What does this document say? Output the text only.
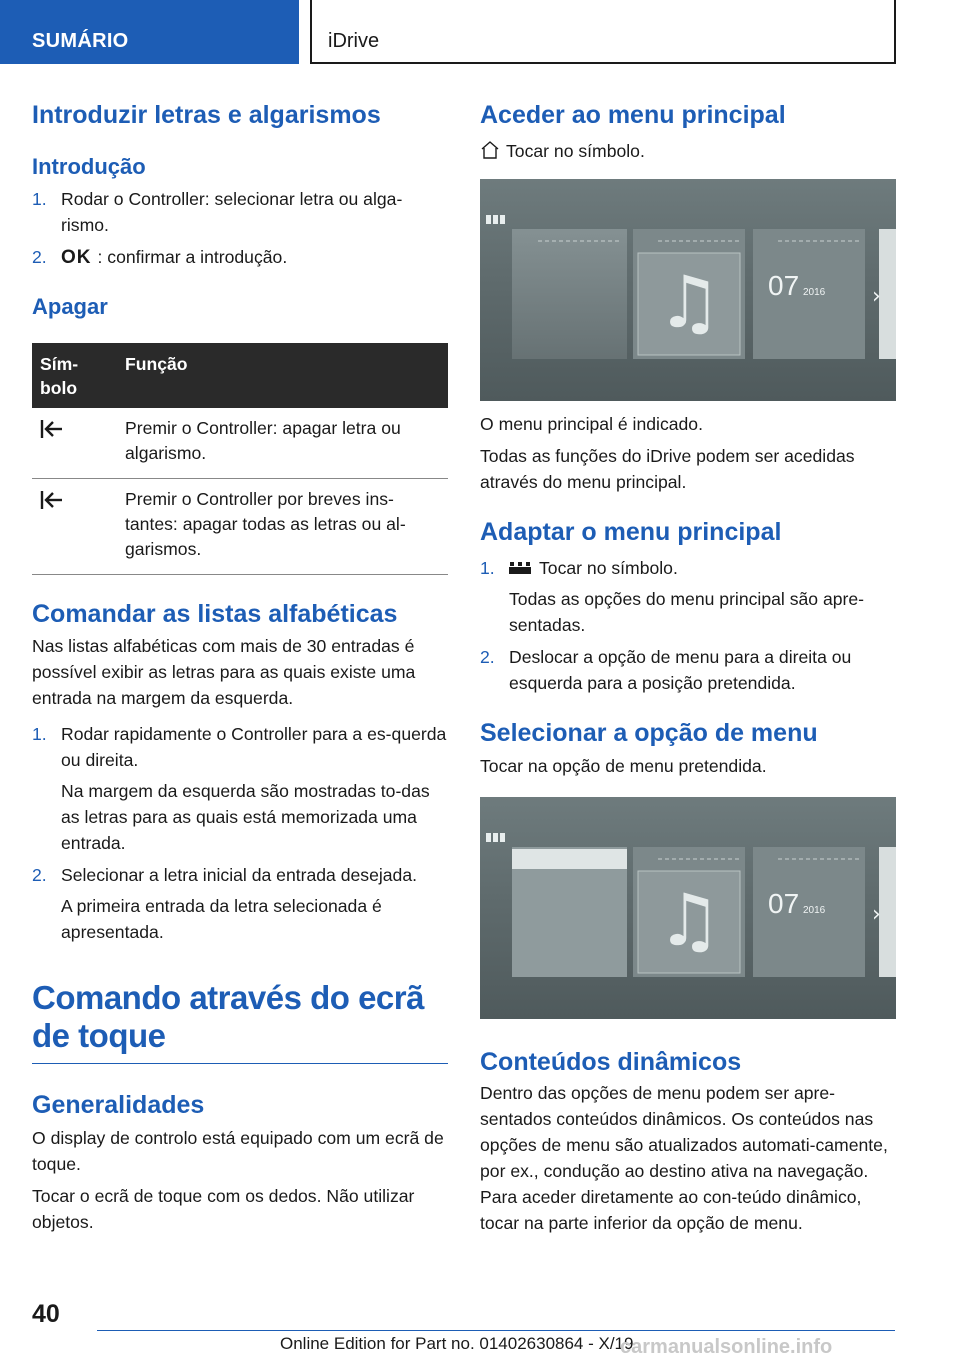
SUMÁRIO	iDrive
Introduzir letras e algarismos
Introdução
1. Rodar o Controller: selecionar letra ou alga-rismo.
2. OK : confirmar a introdução.
Apagar
Sím-bolo	Função
	Premir o Controller: apagar letra ou algarismo.
	Premir o Controller por breves ins-tantes: apagar todas as letras ou al-garismos.
Comandar as listas alfabéticas

Nas listas alfabéticas com mais de 30 entradas é possível exibir as letras para as quais existe uma entrada na margem da esquerda.

1. Rodar rapidamente o Controller para a es-querda ou direita.
Na margem da esquerda são mostradas to-das as letras para as quais está memorizada uma entrada.
2. Selecionar a letra inicial da entrada desejada.
A primeira entrada da letra selecionada é apresentada.
Comando através do ecrã de toque
Generalidades

O display de controlo está equipado com um ecrã de toque.

Tocar o ecrã de toque com os dedos. Não utilizar objetos.

Aceder ao menu principal
Tocar no símbolo.
♫ 07 2016 ›

O menu principal é indicado.

Todas as funções do iDrive podem ser acedidas através do menu principal.

Adaptar o menu principal
1.	Tocar no símbolo.
Todas as opções do menu principal são apre-sentadas.
2. Deslocar a opção de menu para a direita ou esquerda para a posição pretendida.
Selecionar a opção de menu

Tocar na opção de menu pretendida.

♫ 07 2016 ›
Conteúdos dinâmicos

Dentro das opções de menu podem ser apre-sentados conteúdos dinâmicos. Os conteúdos nas opções de menu são atualizados automati-camente, por ex., condução ao destino ativa na navegação. Para aceder diretamente ao con-teúdo dinâmico, tocar na parte inferior da opção de menu.

40
Online Edition for Part no. 01402630864 - X/19
carmanualsonline.info
